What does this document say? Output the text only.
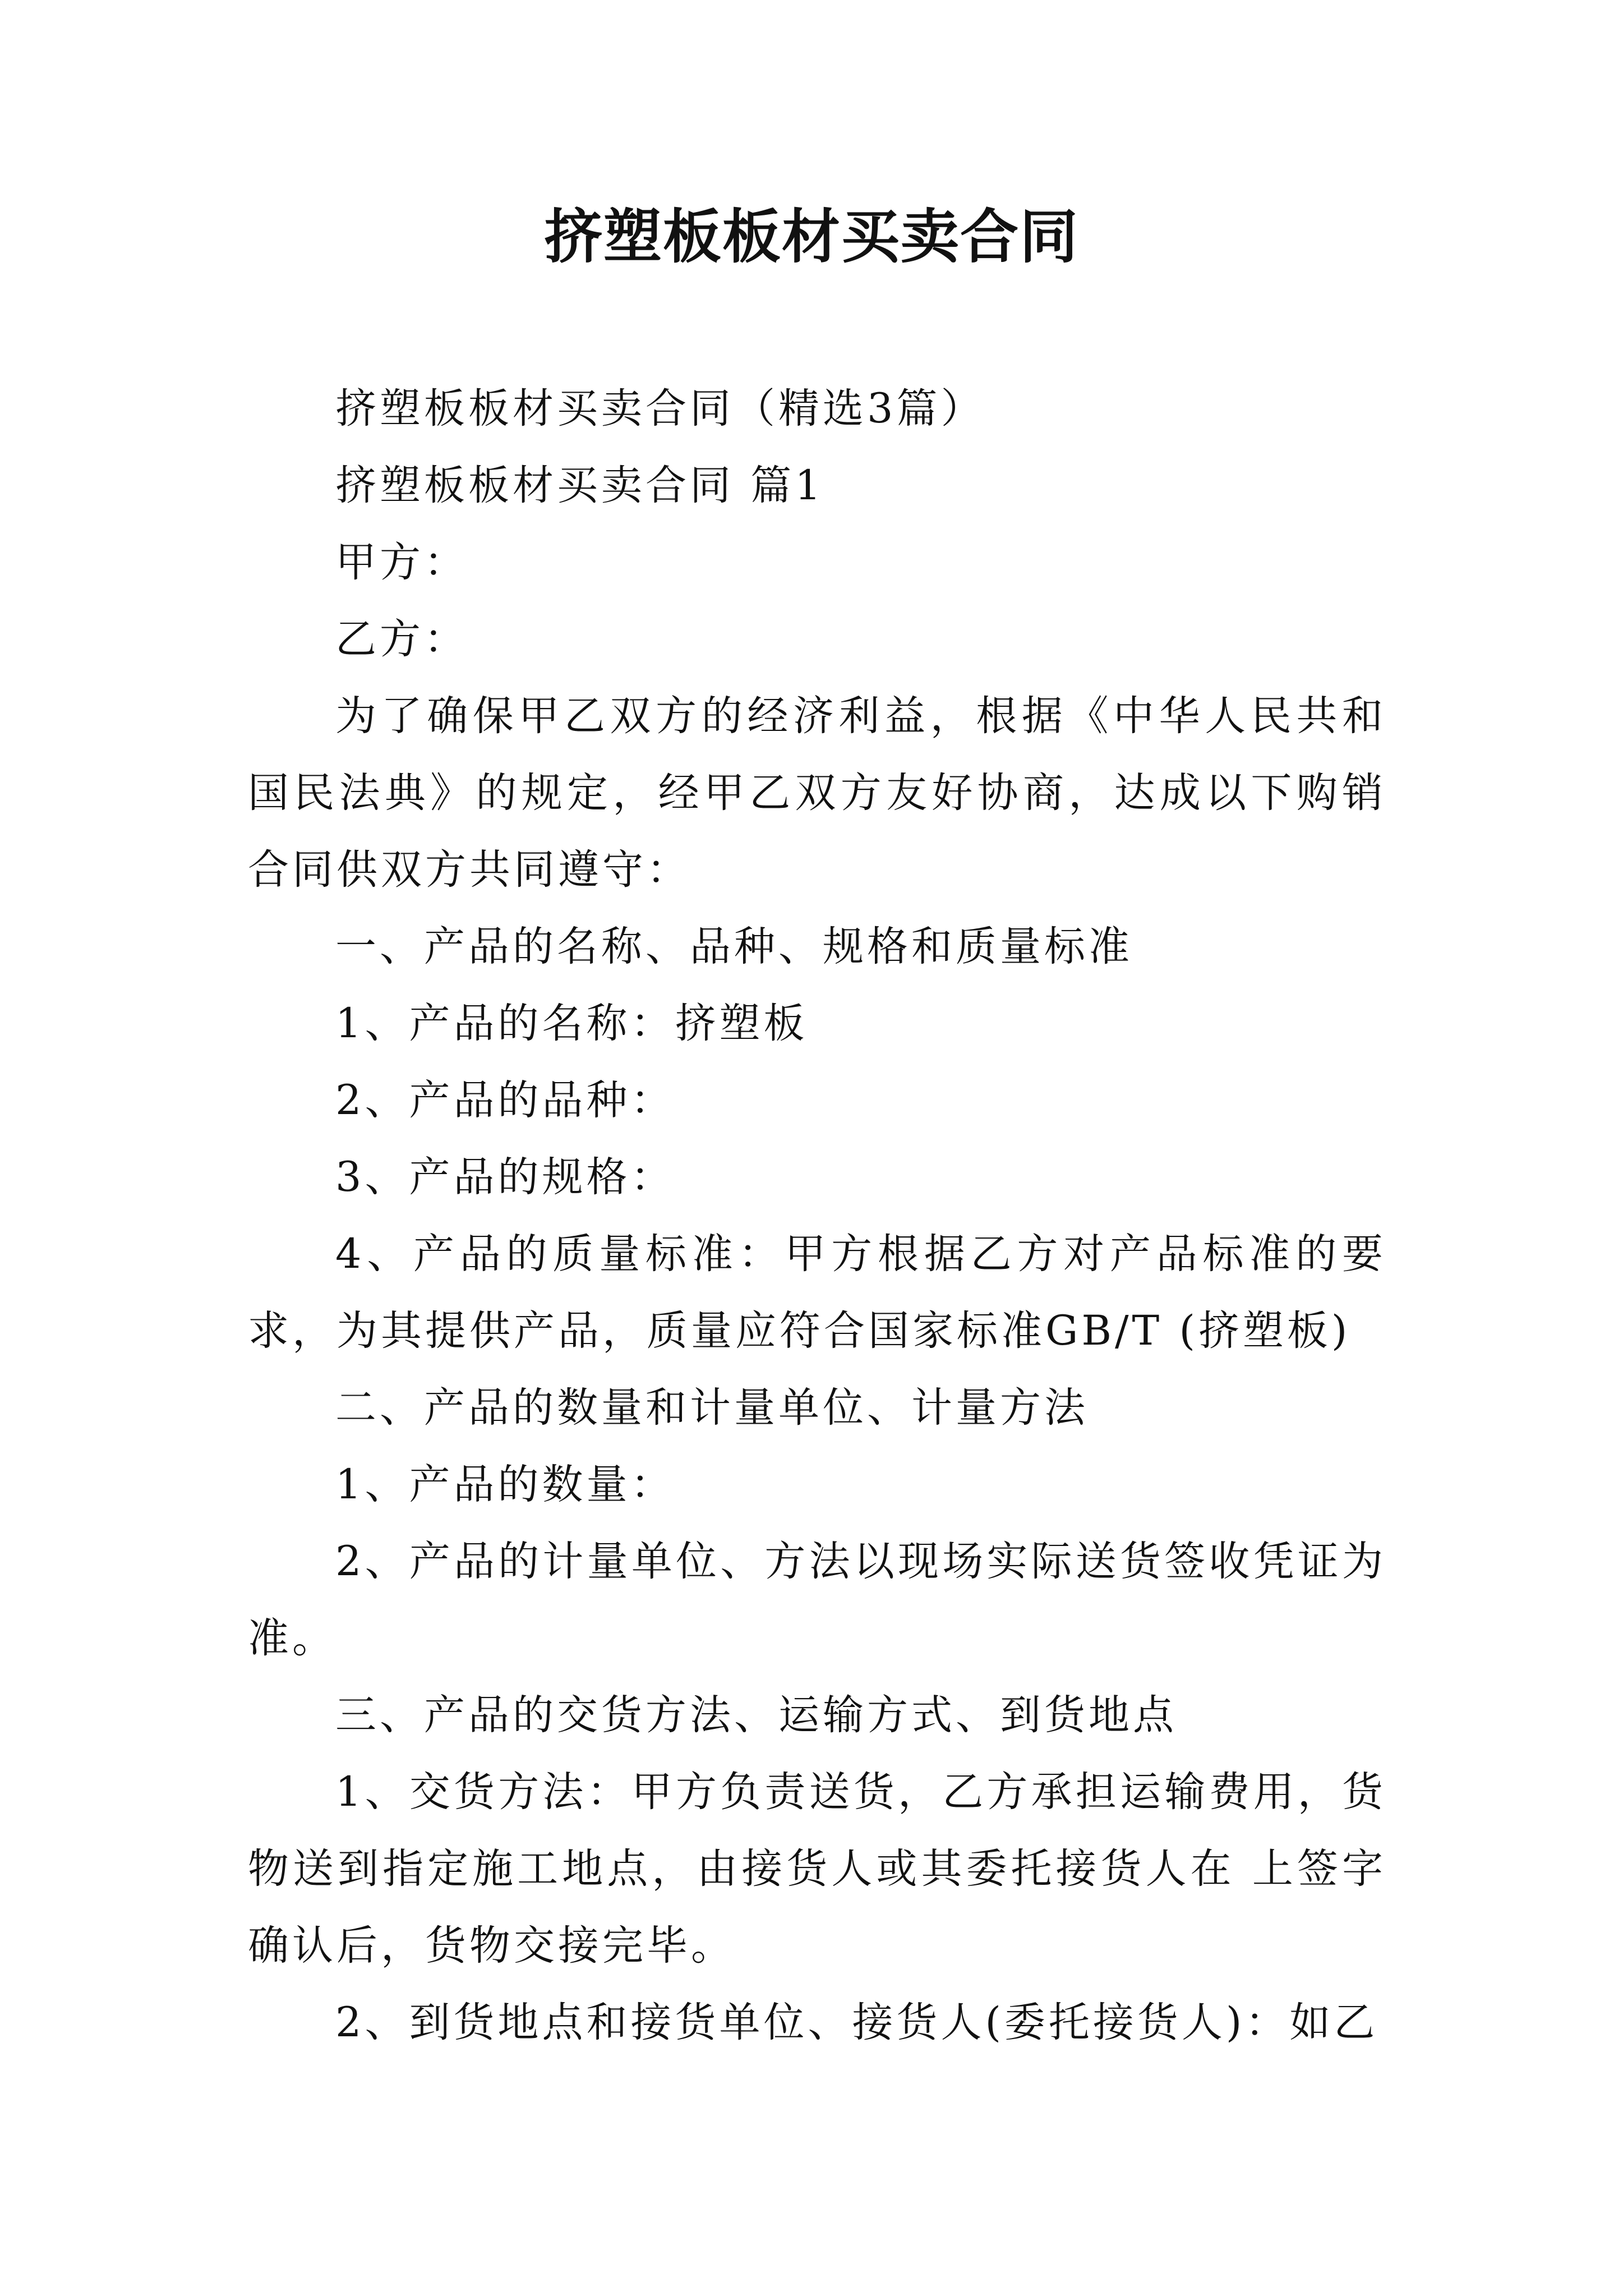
挤塑板板材买卖合同

挤塑板板材买卖合同（精选3篇）

挤塑板板材买卖合同 篇1

甲方：

乙方：

为了确保甲乙双方的经济利益，根据《中华人民共和国民法典》的规定，经甲乙双方友好协商，达成以下购销合同供双方共同遵守：

一、产品的名称、品种、规格和质量标准

1、产品的名称：挤塑板

2、产品的品种：

3、产品的规格：

4、产品的质量标准：甲方根据乙方对产品标准的要求，为其提供产品，质量应符合国家标准GB/T (挤塑板)

二、产品的数量和计量单位、计量方法

1、产品的数量：

2、产品的计量单位、方法以现场实际送货签收凭证为准。

三、产品的交货方法、运输方式、到货地点

1、交货方法：甲方负责送货，乙方承担运输费用，货物送到指定施工地点，由接货人或其委托接货人在 上签字确认后，货物交接完毕。

2、到货地点和接货单位、接货人(委托接货人)：如乙
